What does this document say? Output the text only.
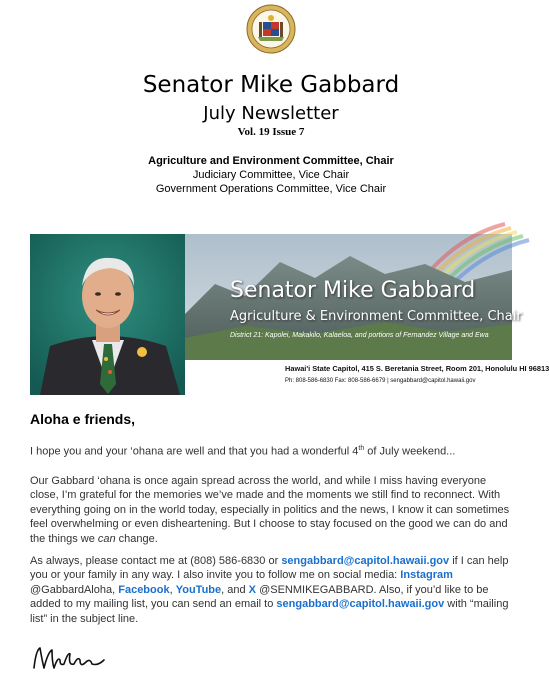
Senator Mike Gabbard
July Newsletter
Vol. 19 Issue 7
Agriculture and Environment Committee, Chair
Judiciary Committee, Vice Chair
Government Operations Committee, Vice Chair
Senator Mike Gabbard
Agriculture & Environment Committee, Chair
District 21: Kapolei, Makakilo, Kalaeloa, and portions of Fernandez Village and Ewa
Hawai'i State Capitol, 415 S. Beretania Street, Room 201, Honolulu HI 96813
Ph: 808-586-6830 Fax: 808-586-6679 | sengabbard@capitol.hawaii.gov
Aloha e friends,
I hope you and your ‘ohana are well and that you had a wonderful 4th of July weekend...
Our Gabbard ‘ohana is once again spread across the world, and while I miss having everyone close, I’m grateful for the memories we’ve made and the moments we still find to reconnect. With everything going on in the world today, especially in politics and the news, I know it can sometimes feel overwhelming or even disheartening. But I choose to stay focused on the good we can do and the things we can change.
As always, please contact me at (808) 586-6830 or sengabbard@capitol.hawaii.gov if I can help you or your family in any way. I also invite you to follow me on social media: Instagram @GabbardAloha, Facebook, YouTube, and X @SENMIKEGABBARD. Also, if you’d like to be added to my mailing list, you can send an email to sengabbard@capitol.hawaii.gov with “mailing list” in the subject line.
